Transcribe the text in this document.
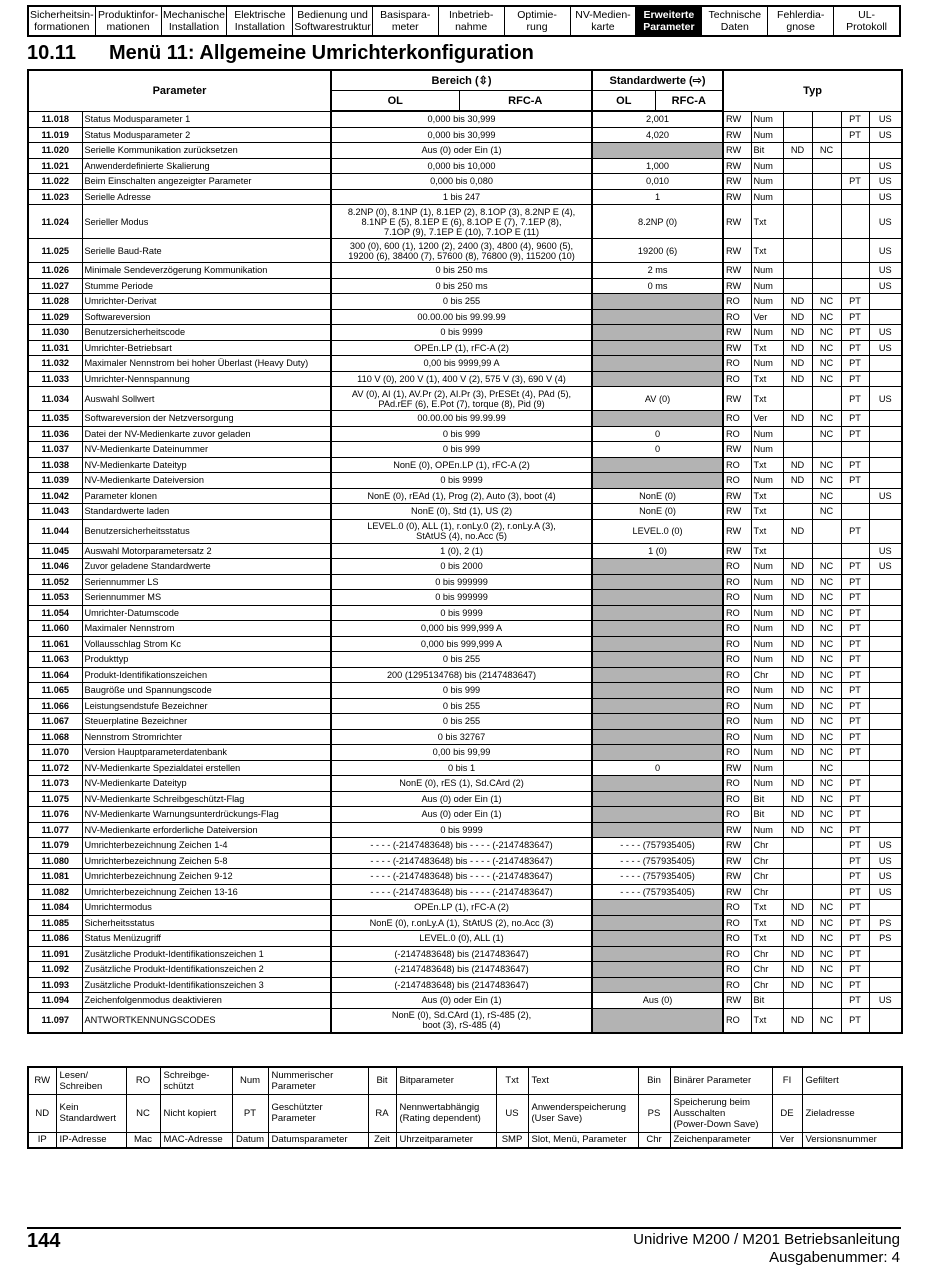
Sicherheitsin-
formationen
Produktinfor-
mationen
Mechanische
Installation
Elektrische
Installation
Bedienung und
Softwarestruktur
Basispara-
meter
Inbetrieb-
nahme
Optimie-
rung
NV-Medien-
karte
Erweiterte
Parameter
Technische
Daten
Fehlerdia-
gnose
UL-
Protokoll
10.11 Menü 11: Allgemeine Umrichterkonfiguration
Parameter		Bereich (⇳)		Standardwerte (⇨)		Typ					
		OL	RFC-A	OL	RFC-A						
11.018	Status Modusparameter 1	0,000 bis 30,999		2,001		RW	Num			PT	US
11.019	Status Modusparameter 2	0,000 bis 30,999		4,020		RW	Num			PT	US
11.020	Serielle Kommunikation zurücksetzen	Aus (0) oder Ein (1)				RW	Bit	ND	NC		
11.021	Anwenderdefinierte Skalierung	0,000 bis 10,000		1,000		RW	Num				US
11.022	Beim Einschalten angezeigter Parameter	0,000 bis 0,080		0,010		RW	Num			PT	US
11.023	Serielle Adresse	1 bis 247		1		RW	Num				US
11.024	Serieller Modus	8.2NP (0), 8.1NP (1), 8.1EP (2), 8.1OP (3), 8.2NP E (4),
8.1NP E (5), 8.1EP E (6), 8.1OP E (7), 7.1EP (8),
7.1OP (9), 7.1EP E (10), 7.1OP E (11)		8.2NP (0)		RW	Txt				US
11.025	Serielle Baud-Rate	300 (0), 600 (1), 1200 (2), 2400 (3), 4800 (4), 9600 (5),
19200 (6), 38400 (7), 57600 (8), 76800 (9), 115200 (10)		19200 (6)		RW	Txt				US
11.026	Minimale Sendeverzögerung Kommunikation	0 bis 250 ms		2 ms		RW	Num				US
11.027	Stumme Periode	0 bis 250 ms		0 ms		RW	Num				US
11.028	Umrichter-Derivat	0 bis 255				RO	Num	ND	NC	PT	
11.029	Softwareversion	00.00.00 bis 99.99.99				RO	Ver	ND	NC	PT	
11.030	Benutzersicherheitscode	0 bis 9999				RW	Num	ND	NC	PT	US
11.031	Umrichter-Betriebsart	OPEn.LP (1), rFC-A (2)				RW	Txt	ND	NC	PT	US
11.032	Maximaler Nennstrom bei hoher Überlast (Heavy Duty)	0,00 bis 9999,99 A				RO	Num	ND	NC	PT	
11.033	Umrichter-Nennspannung	110 V (0), 200 V (1), 400 V (2), 575 V (3), 690 V (4)				RO	Txt	ND	NC	PT	
11.034	Auswahl Sollwert	AV (0), AI (1), AV.Pr (2), AI.Pr (3), PrESEt (4), PAd (5),
PAd.rEF (6), E.Pot (7), torque (8), Pid (9)		AV (0)		RW	Txt			PT	US
11.035	Softwareversion der Netzversorgung	00.00.00 bis 99.99.99				RO	Ver	ND	NC	PT	
11.036	Datei der NV-Medienkarte zuvor geladen	0 bis 999		0		RO	Num		NC	PT	
11.037	NV-Medienkarte Dateinummer	0 bis 999		0		RW	Num				
11.038	NV-Medienkarte Dateityp	NonE (0), OPEn.LP (1), rFC-A (2)				RO	Txt	ND	NC	PT	
11.039	NV-Medienkarte Dateiversion	0 bis 9999				RO	Num	ND	NC	PT	
11.042	Parameter klonen	NonE (0), rEAd (1), Prog (2), Auto (3), boot (4)		NonE (0)		RW	Txt		NC		US
11.043	Standardwerte laden	NonE (0), Std (1), US (2)		NonE (0)		RW	Txt		NC		
11.044	Benutzersicherheitsstatus	LEVEL.0 (0), ALL (1), r.onLy.0 (2), r.onLy.A (3),
StAtUS (4), no.Acc (5)		LEVEL.0 (0)		RW	Txt	ND		PT	
11.045	Auswahl Motorparametersatz 2	1 (0), 2 (1)		1 (0)		RW	Txt				US
11.046	Zuvor geladene Standardwerte	0 bis 2000				RO	Num	ND	NC	PT	US
11.052	Seriennummer LS	0 bis 999999				RO	Num	ND	NC	PT	
11.053	Seriennummer MS	0 bis 999999				RO	Num	ND	NC	PT	
11.054	Umrichter-Datumscode	0 bis 9999				RO	Num	ND	NC	PT	
11.060	Maximaler Nennstrom	0,000 bis 999,999 A				RO	Num	ND	NC	PT	
11.061	Vollausschlag Strom Kc	0,000 bis 999,999 A				RO	Num	ND	NC	PT	
11.063	Produkttyp	0 bis 255				RO	Num	ND	NC	PT	
11.064	Produkt-Identifikationszeichen	200 (1295134768) bis (2147483647)				RO	Chr	ND	NC	PT	
11.065	Baugröße und Spannungscode	0 bis 999				RO	Num	ND	NC	PT	
11.066	Leistungsendstufe Bezeichner	0 bis 255				RO	Num	ND	NC	PT	
11.067	Steuerplatine Bezeichner	0 bis 255				RO	Num	ND	NC	PT	
11.068	Nennstrom Stromrichter	0 bis 32767				RO	Num	ND	NC	PT	
11.070	Version Hauptparameterdatenbank	0,00 bis 99,99				RO	Num	ND	NC	PT	
11.072	NV-Medienkarte Spezialdatei erstellen	0 bis 1		0		RW	Num		NC		
11.073	NV-Medienkarte Dateityp	NonE (0), rES (1), Sd.CArd (2)				RO	Num	ND	NC	PT	
11.075	NV-Medienkarte Schreibgeschützt-Flag	Aus (0) oder Ein (1)				RO	Bit	ND	NC	PT	
11.076	NV-Medienkarte Warnungsunterdrückungs-Flag	Aus (0) oder Ein (1)				RO	Bit	ND	NC	PT	
11.077	NV-Medienkarte erforderliche Dateiversion	0 bis 9999				RW	Num	ND	NC	PT	
11.079	Umrichterbezeichnung Zeichen 1-4	- - - - (-2147483648) bis - - - - (-2147483647)		- - - - (757935405)		RW	Chr			PT	US
11.080	Umrichterbezeichnung Zeichen 5-8	- - - - (-2147483648) bis - - - - (-2147483647)		- - - - (757935405)		RW	Chr			PT	US
11.081	Umrichterbezeichnung Zeichen 9-12	- - - - (-2147483648) bis - - - - (-2147483647)		- - - - (757935405)		RW	Chr			PT	US
11.082	Umrichterbezeichnung Zeichen 13-16	- - - - (-2147483648) bis - - - - (-2147483647)		- - - - (757935405)		RW	Chr			PT	US
11.084	Umrichtermodus	OPEn.LP (1), rFC-A (2)				RO	Txt	ND	NC	PT	
11.085	Sicherheitsstatus	NonE (0), r.onLy.A (1), StAtUS (2), no.Acc (3)				RO	Txt	ND	NC	PT	PS
11.086	Status Menüzugriff	LEVEL.0 (0), ALL (1)				RO	Txt	ND	NC	PT	PS
11.091	Zusätzliche Produkt-Identifikationszeichen 1	(-2147483648) bis (2147483647)				RO	Chr	ND	NC	PT	
11.092	Zusätzliche Produkt-Identifikationszeichen 2	(-2147483648) bis (2147483647)				RO	Chr	ND	NC	PT	
11.093	Zusätzliche Produkt-Identifikationszeichen 3	(-2147483648) bis (2147483647)				RO	Chr	ND	NC	PT	
11.094	Zeichenfolgenmodus deaktivieren	Aus (0) oder Ein (1)		Aus (0)		RW	Bit			PT	US
11.097	ANTWORTKENNUNGSCODES	NonE (0), Sd.CArd (1), rS-485 (2),
boot (3), rS-485 (4)				RO	Txt	ND	NC	PT	
RW	Lesen/
Schreiben	RO	Schreibge-
schützt	Num	Nummerischer
Parameter	Bit	Bitparameter	Txt	Text	Bin	Binärer Parameter	FI	Gefiltert
ND	Kein
Standardwert	NC	Nicht kopiert	PT	Geschützter
Parameter	RA	Nennwertabhängig
(Rating dependent)	US	Anwenderspeicherung
(User Save)	PS	Speicherung beim
Ausschalten
(Power-Down Save)	DE	Zieladresse
IP	IP-Adresse	Mac	MAC-Adresse	Datum	Datumsparameter	Zeit	Uhrzeitparameter	SMP	Slot, Menü, Parameter	Chr	Zeichenparameter	Ver	Versionsnummer
144	Unidrive M200 / M201 Betriebsanleitung
Ausgabenummer: 4
